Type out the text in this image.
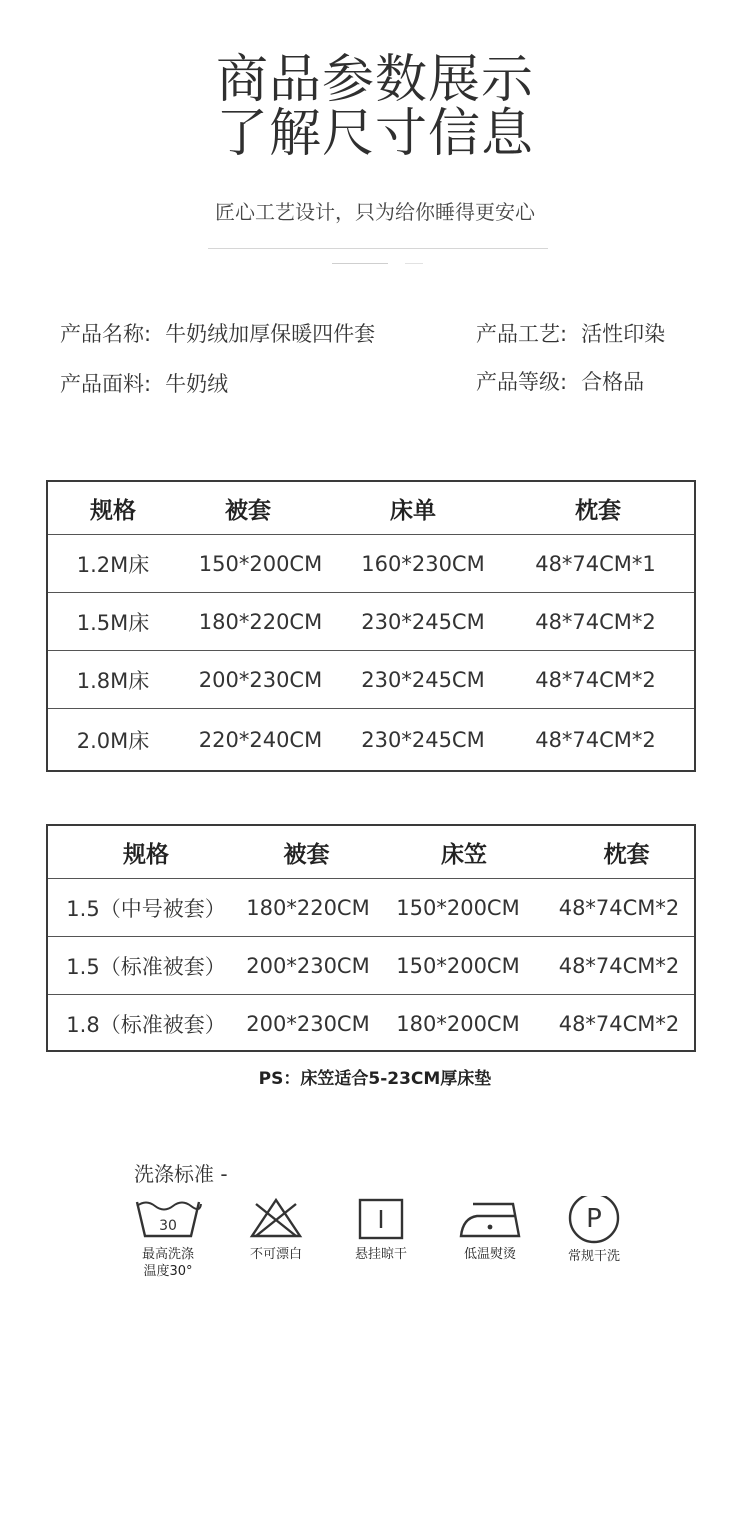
商品参数展示
了解尺寸信息
匠心工艺设计，只为给你睡得更安心
产品名称: 牛奶绒加厚保暖四件套	产品工艺: 活性印染
产品面料: 牛奶绒	产品等级: 合格品
规格	被套	床单	枕套
1.2M床	150*200CM	160*230CM	48*74CM*1
1.5M床	180*220CM	230*245CM	48*74CM*2
1.8M床	200*230CM	230*245CM	48*74CM*2
2.0M床	220*240CM	230*245CM	48*74CM*2
规格	被套	床笠	枕套
1.5（中号被套） 180*220CM	150*200CM	48*74CM*2
1.5（标准被套） 200*230CM	150*200CM	48*74CM*2
1.8（标准被套） 200*230CM	180*200CM	48*74CM*2
PS：床笠适合5-23CM厚床垫
洗涤标准 -
30
最高洗涤
温度30°
不可漂白	悬挂晾干	低温熨烫
P
常规干洗
